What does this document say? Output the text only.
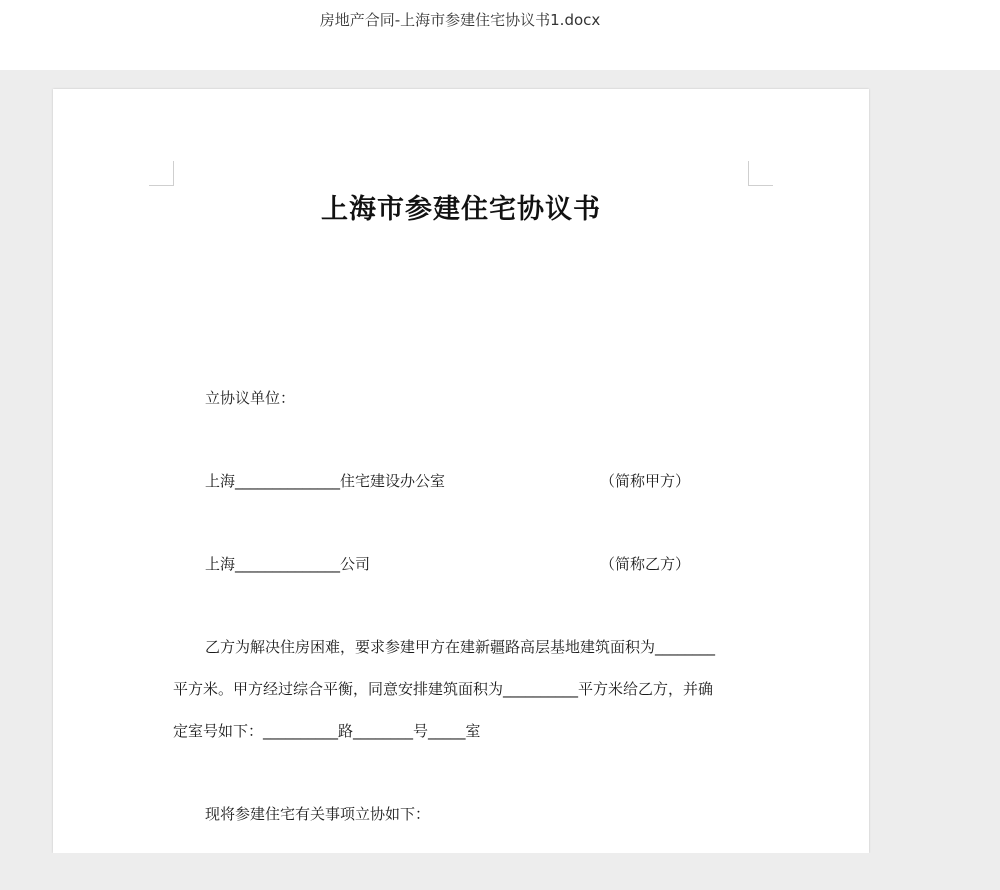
房地产合同-上海市参建住宅协议书1.docx
上海市参建住宅协议书
立协议单位：
上海______________住宅建设办公室	（简称甲方）
上海______________公司	（简称乙方）
乙方为解决住房困难，要求参建甲方在建新疆路高层基地建筑面积为________
平方米。甲方经过综合平衡，同意安排建筑面积为__________平方米给乙方，并确
定室号如下：__________路________号_____室
现将参建住宅有关事项立协如下：
